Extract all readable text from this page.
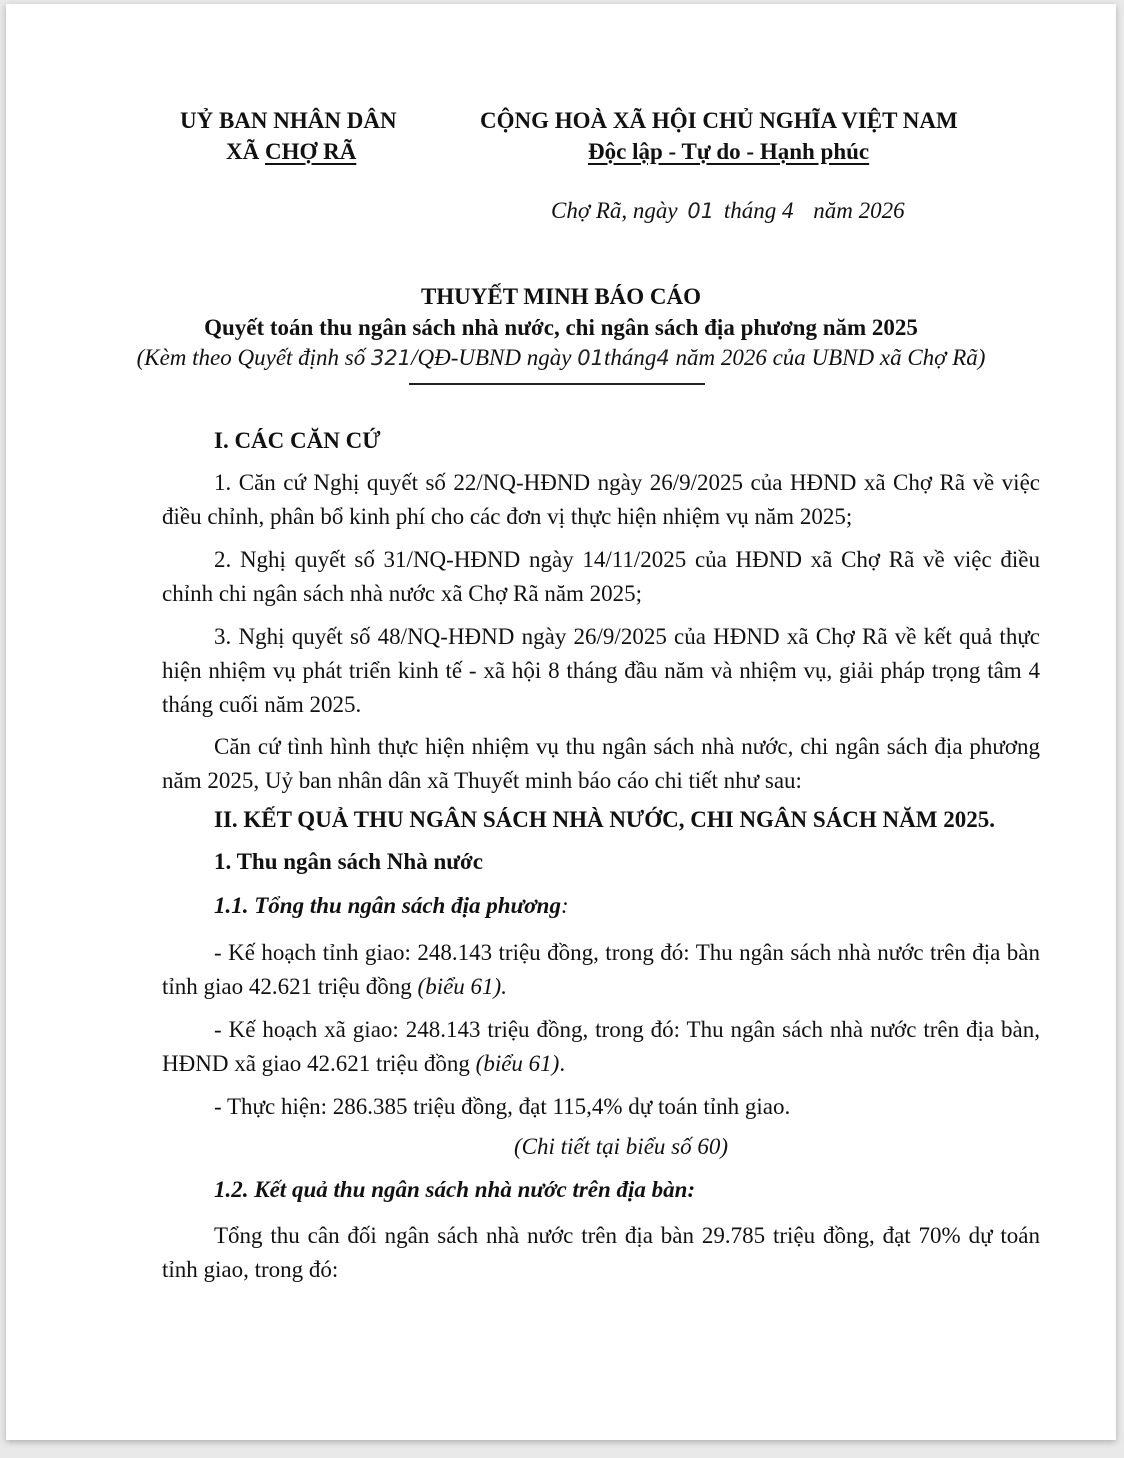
UỶ BAN NHÂN DÂN
XÃ CHỢ RÃ
CỘNG HOÀ XÃ HỘI CHỦ NGHĨA VIỆT NAM
Độc lập - Tự do - Hạnh phúc
Chợ Rã, ngày 01 tháng 4 năm 2026
THUYẾT MINH BÁO CÁO
Quyết toán thu ngân sách nhà nước, chi ngân sách địa phương năm 2025
(Kèm theo Quyết định số 321/QĐ-UBND ngày 01tháng4 năm 2026 của UBND xã Chợ Rã)
I. CÁC CĂN CỨ
1. Căn cứ Nghị quyết số 22/NQ-HĐND ngày 26/9/2025 của HĐND xã Chợ Rã về việc điều chỉnh, phân bổ kinh phí cho các đơn vị thực hiện nhiệm vụ năm 2025;
2. Nghị quyết số 31/NQ-HĐND ngày 14/11/2025 của HĐND xã Chợ Rã về việc điều chỉnh chi ngân sách nhà nước xã Chợ Rã năm 2025;
3. Nghị quyết số 48/NQ-HĐND ngày 26/9/2025 của HĐND xã Chợ Rã về kết quả thực hiện nhiệm vụ phát triển kinh tế - xã hội 8 tháng đầu năm và nhiệm vụ, giải pháp trọng tâm 4 tháng cuối năm 2025.
Căn cứ tình hình thực hiện nhiệm vụ thu ngân sách nhà nước, chi ngân sách địa phương năm 2025, Uỷ ban nhân dân xã Thuyết minh báo cáo chi tiết như sau:
II. KẾT QUẢ THU NGÂN SÁCH NHÀ NƯỚC, CHI NGÂN SÁCH NĂM 2025.
1. Thu ngân sách Nhà nước
1.1. Tổng thu ngân sách địa phương:
- Kế hoạch tỉnh giao: 248.143 triệu đồng, trong đó: Thu ngân sách nhà nước trên địa bàn tỉnh giao 42.621 triệu đồng (biểu 61).
- Kế hoạch xã giao: 248.143 triệu đồng, trong đó: Thu ngân sách nhà nước trên địa bàn, HĐND xã giao 42.621 triệu đồng (biểu 61).
- Thực hiện: 286.385 triệu đồng, đạt 115,4% dự toán tỉnh giao.
(Chi tiết tại biểu số 60)
1.2. Kết quả thu ngân sách nhà nước trên địa bàn:
Tổng thu cân đối ngân sách nhà nước trên địa bàn 29.785 triệu đồng, đạt 70% dự toán tỉnh giao, trong đó:
